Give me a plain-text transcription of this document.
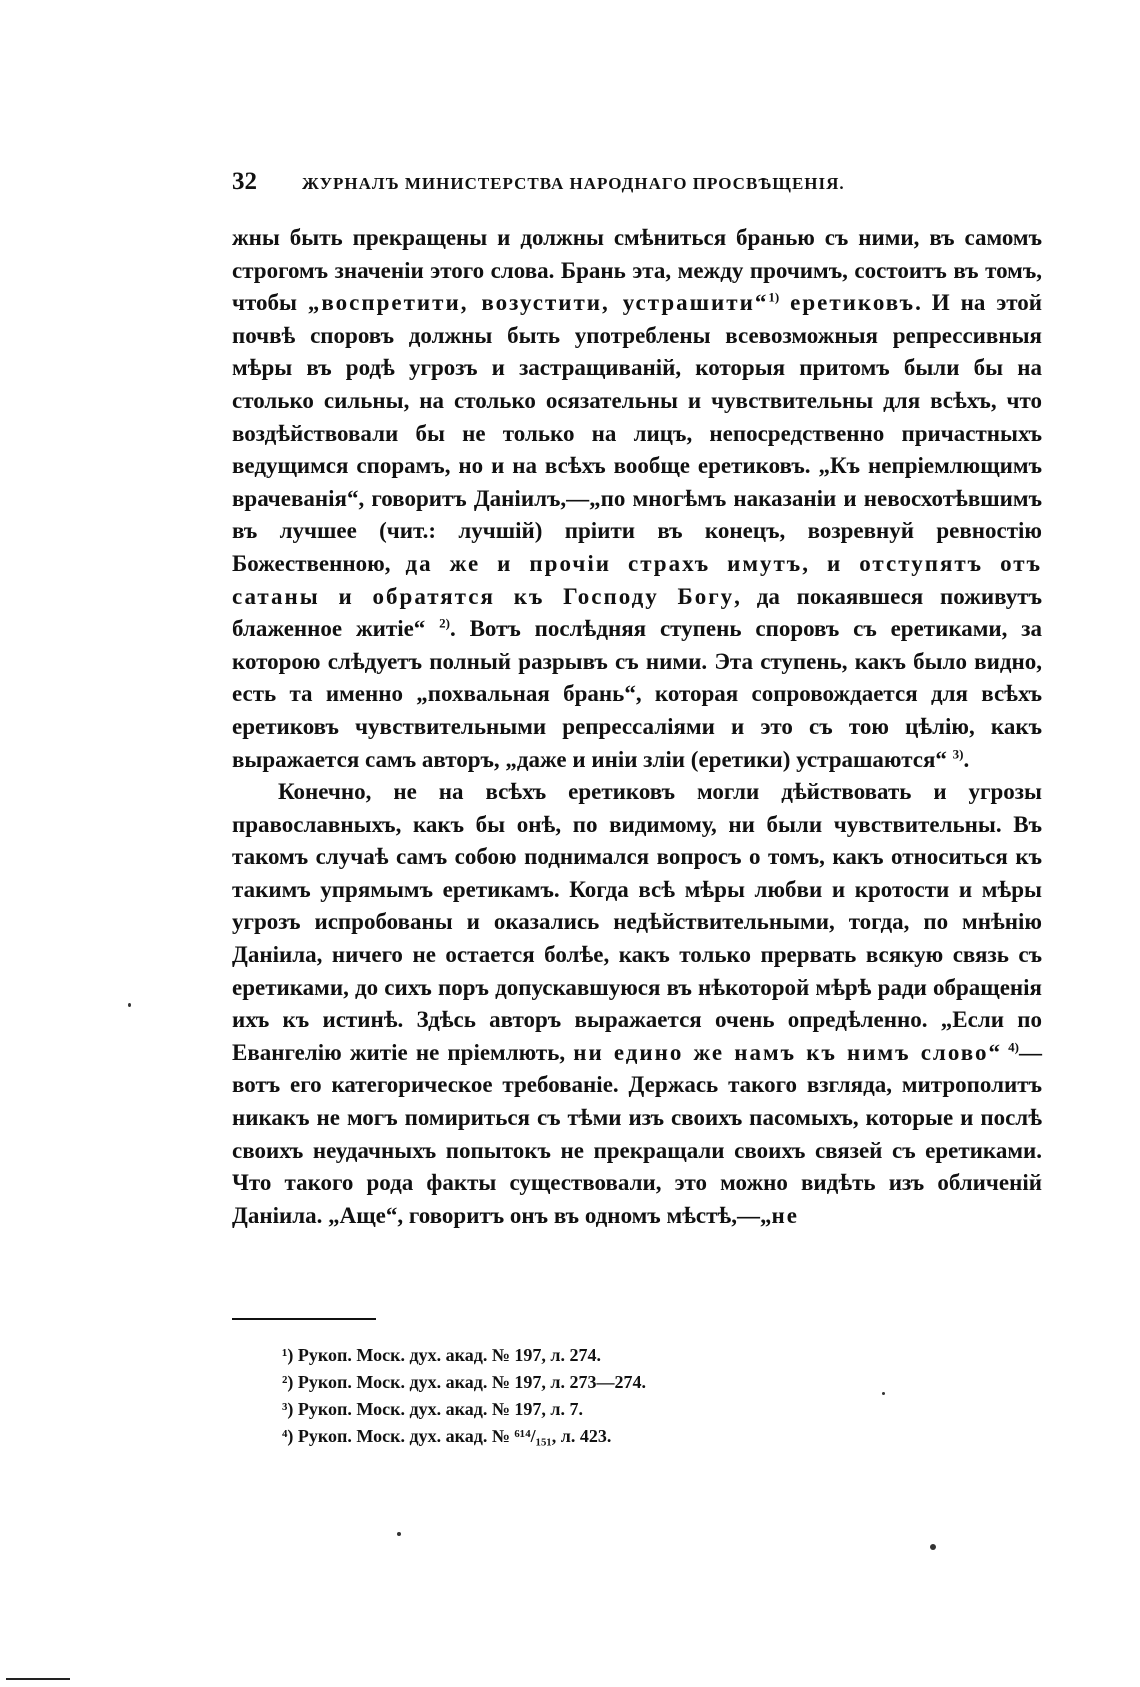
32	ЖУРНАЛЪ МИНИСТЕРСТВА НАРОДНАГО ПРОСВѢЩЕНІЯ.

жны быть прекращены и должны смѣниться бранью съ ними, въ самомъ строгомъ значеніи этого слова. Брань эта, между прочимъ, состоитъ въ томъ, чтобы „воспретити, возустити, устрашити“$^{1)}$ еретиковъ. И на этой почвѣ споровъ должны быть употреблены всевозможныя репрессивныя мѣры въ родѣ угрозъ и застращиваній, которыя притомъ были бы на столько сильны, на столько осязательны и чувствительны для всѣхъ, что воздѣйствовали бы не только на лицъ, непосредственно причастныхъ ведущимся спорамъ, но и на всѣхъ вообще еретиковъ. „Къ непріемлющимъ врачеванія“, говоритъ Даніилъ,—„по многѣмъ наказаніи и невосхотѣвшимъ въ лучшее (чит.: лучшій) пріити въ конецъ, возревнуй ревностію Божественною, да же и прочіи страхъ имутъ, и отступятъ отъ сатаны и обратятся къ Господу Богу, да покаявшеся поживутъ блаженное житіе“ $^{2)}$. Вотъ послѣдняя ступень споровъ съ еретиками, за которою слѣдуетъ полный разрывъ съ ними. Эта ступень, какъ было видно, есть та именно „похвальная брань“, которая сопровождается для всѣхъ еретиковъ чувствительными репрессаліями и это съ тою цѣлію, какъ выражается самъ авторъ, „даже и иніи зліи (еретики) устрашаются“ $^{3)}$.

Конечно, не на всѣхъ еретиковъ могли дѣйствовать и угрозы православныхъ, какъ бы онѣ, по видимому, ни были чувствительны. Въ такомъ случаѣ самъ собою поднимался вопросъ о томъ, какъ относиться къ такимъ упрямымъ еретикамъ. Когда всѣ мѣры любви и кротости и мѣры угрозъ испробованы и оказались недѣйствительными, тогда, по мнѣнію Даніила, ничего не остается болѣе, какъ только прервать всякую связь съ еретиками, до сихъ поръ допускавшуюся въ нѣкоторой мѣрѣ ради обращенія ихъ къ истинѣ. Здѣсь авторъ выражается очень опредѣленно. „Если по Евангелію житіе не пріемлють, ни едино же намъ къ нимъ слово“ $^{4)}$—вотъ его категорическое требованіе. Держась такого взгляда, митрополитъ никакъ не могъ помириться съ тѣми изъ своихъ пасомыхъ, которые и послѣ своихъ неудачныхъ попытокъ не прекращали своихъ связей съ еретиками. Что такого рода факты существовали, это можно видѣть изъ обличеній Даніила. „Аще“, говоритъ онъ въ одномъ мѣстѣ,—„не

¹) Рукоп. Моск. дух. акад. № 197, л. 274.
²) Рукоп. Моск. дух. акад. № 197, л. 273—274.
³) Рукоп. Моск. дух. акад. № 197, л. 7.
⁴) Рукоп. Моск. дух. акад. № ⁶¹⁴/₁₅₁, л. 423.
